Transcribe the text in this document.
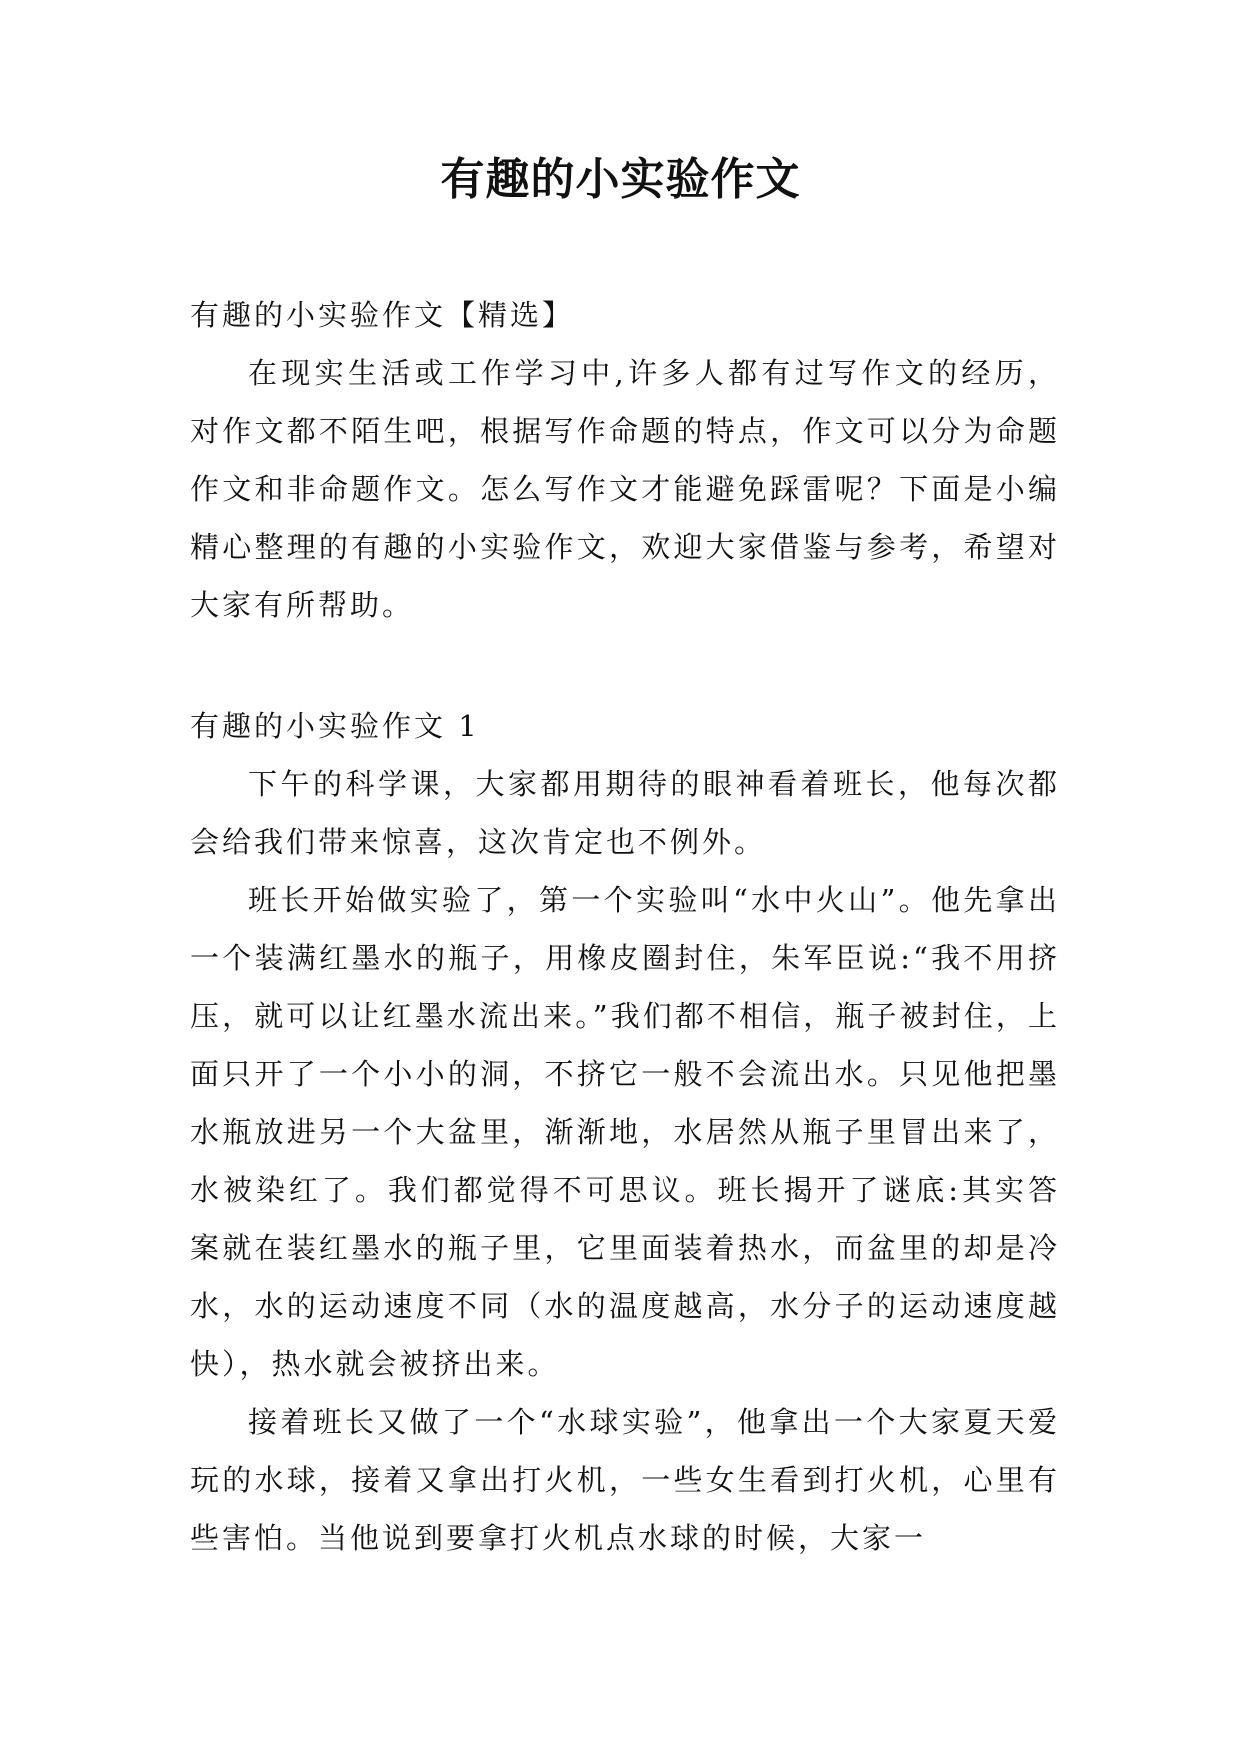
有趣的小实验作文

有趣的小实验作文【精选】

在现实生活或工作学习中,许多人都有过写作文的经历，对作文都不陌生吧，根据写作命题的特点，作文可以分为命题作文和非命题作文。怎么写作文才能避免踩雷呢？下面是小编精心整理的有趣的小实验作文，欢迎大家借鉴与参考，希望对大家有所帮助。

有趣的小实验作文 1

下午的科学课，大家都用期待的眼神看着班长，他每次都会给我们带来惊喜，这次肯定也不例外。

班长开始做实验了，第一个实验叫“水中火山”。他先拿出一个装满红墨水的瓶子，用橡皮圈封住，朱军臣说:“我不用挤压，就可以让红墨水流出来。”我们都不相信，瓶子被封住，上面只开了一个小小的洞，不挤它一般不会流出水。只见他把墨水瓶放进另一个大盆里，渐渐地，水居然从瓶子里冒出来了，水被染红了。我们都觉得不可思议。班长揭开了谜底:其实答案就在装红墨水的瓶子里，它里面装着热水，而盆里的却是冷水，水的运动速度不同（水的温度越高，水分子的运动速度越快），热水就会被挤出来。

接着班长又做了一个“水球实验”，他拿出一个大家夏天爱玩的水球，接着又拿出打火机，一些女生看到打火机，心里有些害怕。当他说到要拿打火机点水球的时候，大家一
